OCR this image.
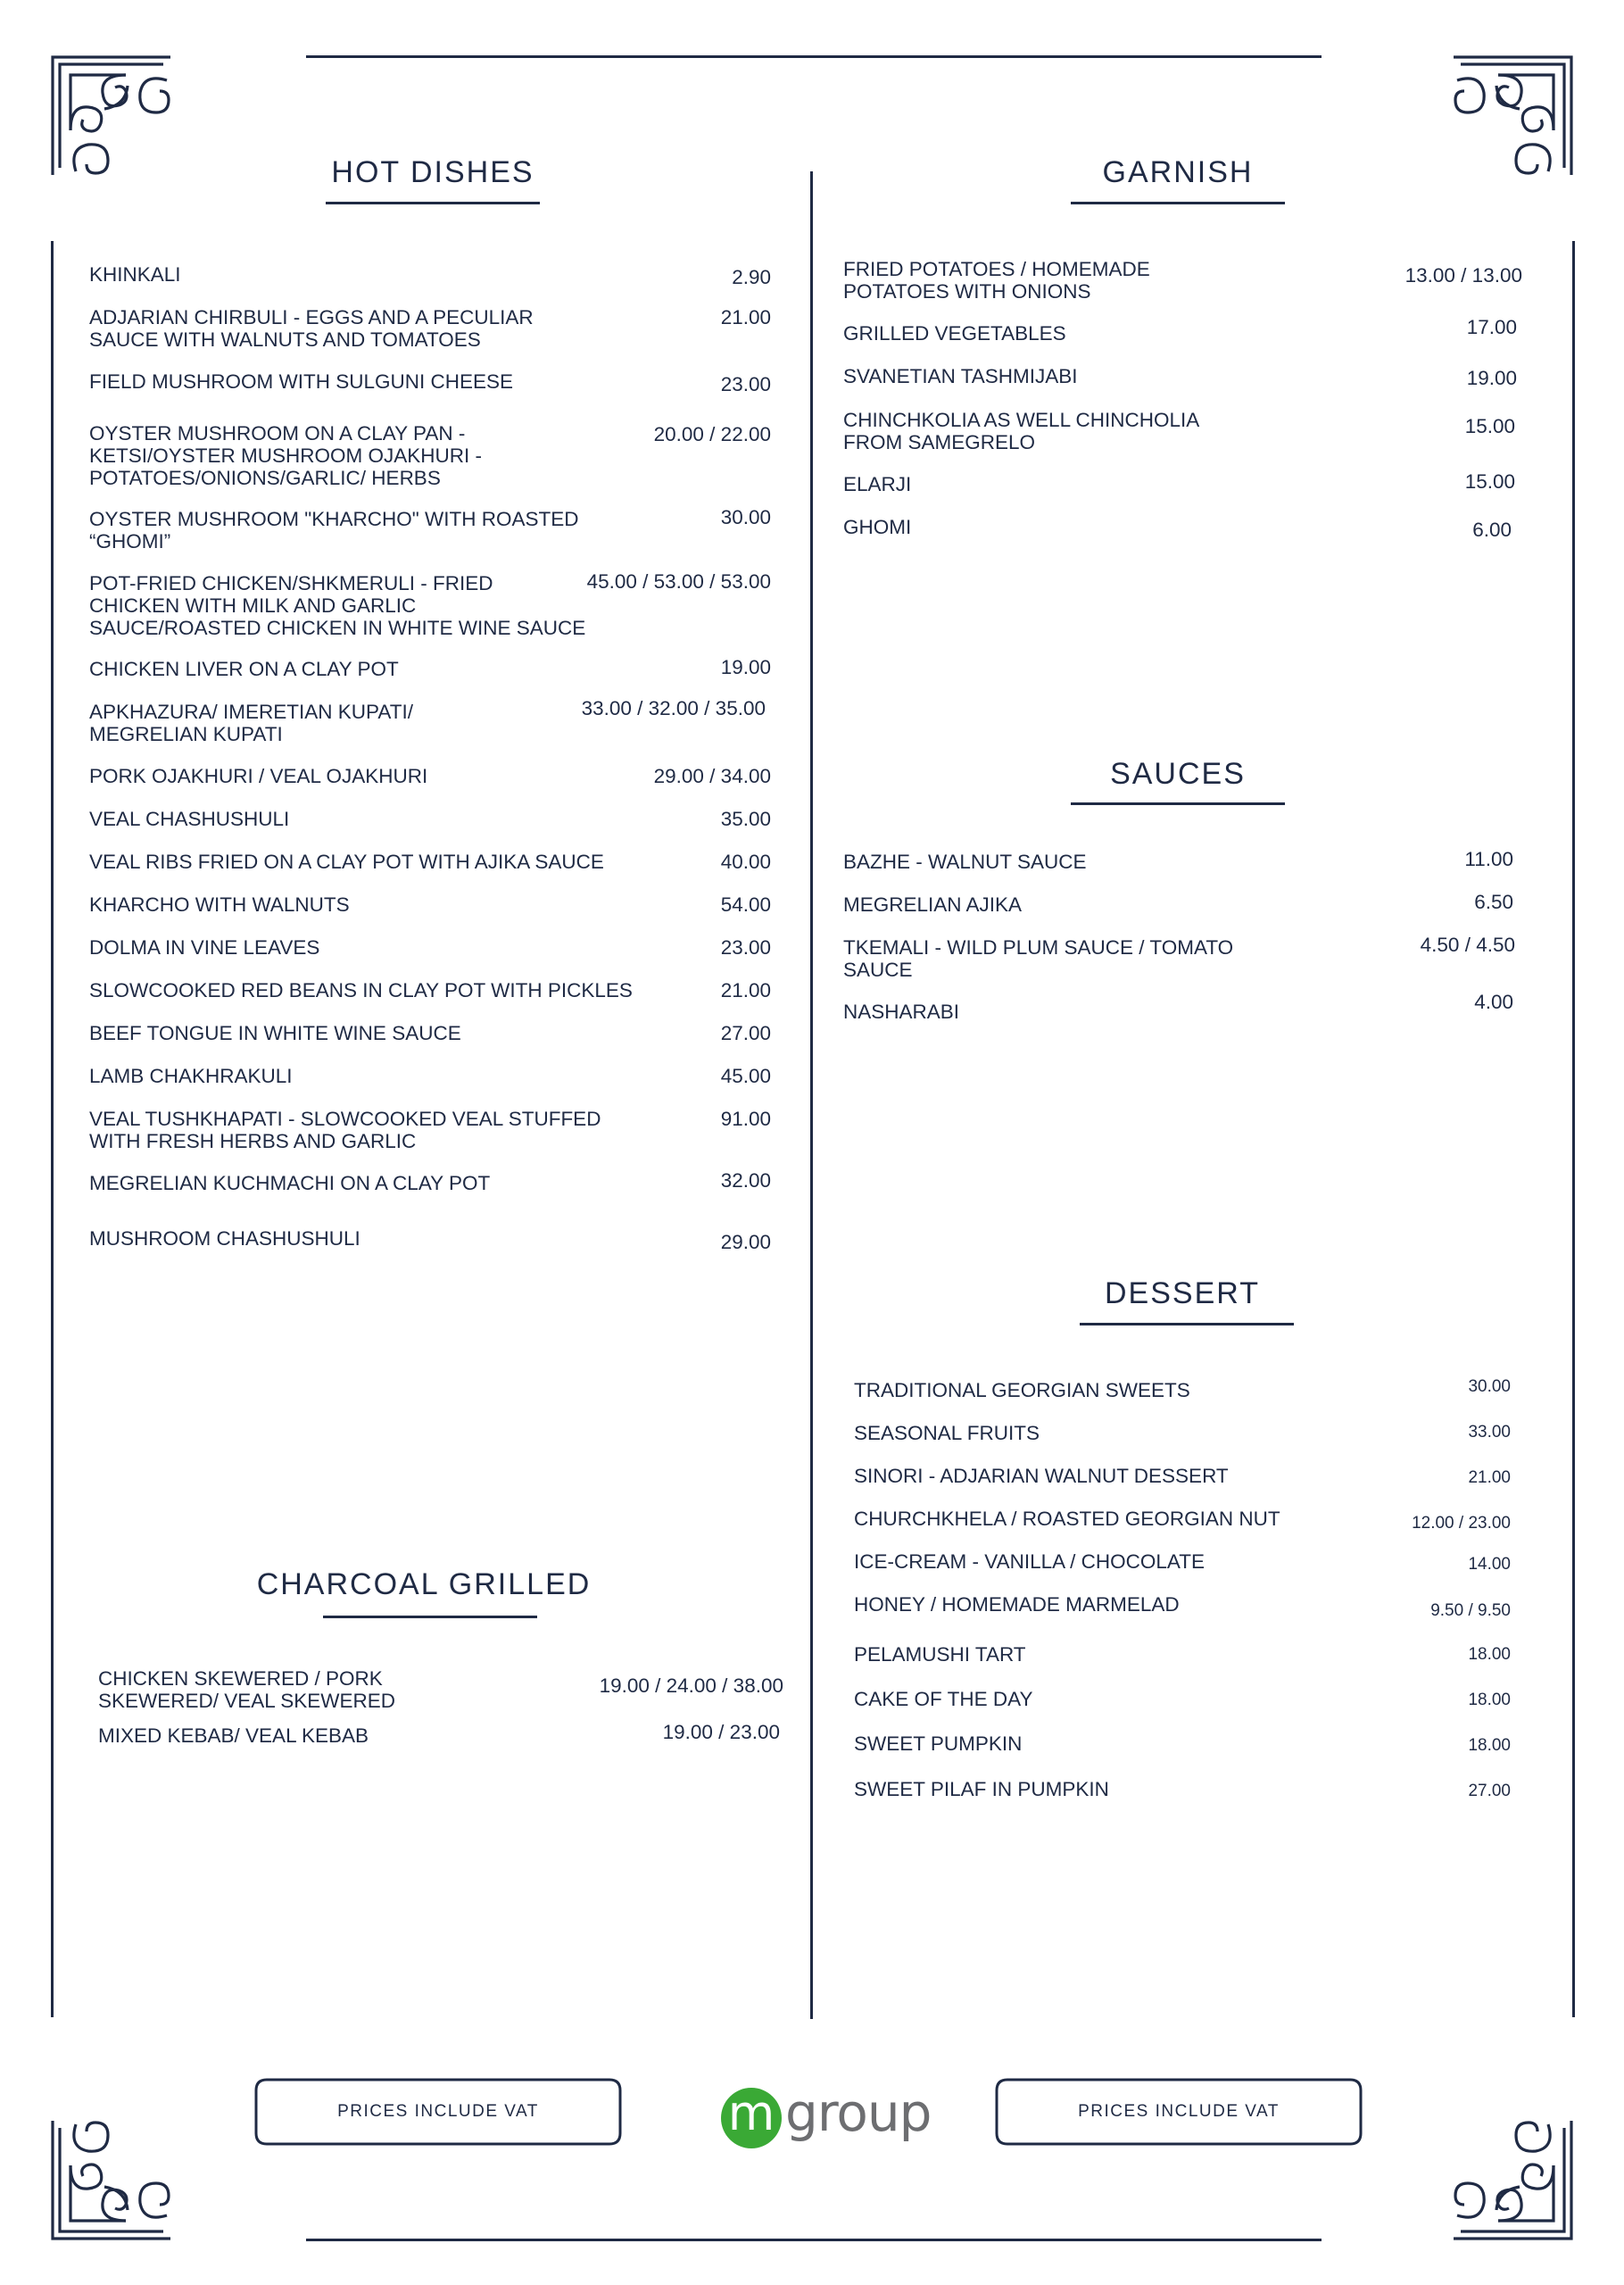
HOT DISHES
KHINKALI	2.90
ADJARIAN CHIRBULI - EGGS AND A PECULIAR SAUCE WITH WALNUTS AND TOMATOES
21.00
FIELD MUSHROOM WITH SULGUNI CHEESE	23.00
OYSTER MUSHROOM ON A CLAY PAN - KETSI/OYSTER MUSHROOM OJAKHURI - POTATOES/ONIONS/GARLIC/ HERBS
20.00 / 22.00
OYSTER MUSHROOM "KHARCHO" WITH ROASTED “GHOMI”
30.00
POT-FRIED CHICKEN/SHKMERULI - FRIED CHICKEN WITH MILK AND GARLIC SAUCE/ROASTED CHICKEN IN WHITE WINE SAUCE
45.00 / 53.00 / 53.00
CHICKEN LIVER ON A CLAY POT	19.00
APKHAZURA/ IMERETIAN KUPATI/ MEGRELIAN KUPATI
33.00 / 32.00 / 35.00
PORK OJAKHURI / VEAL OJAKHURI	29.00 / 34.00
VEAL CHASHUSHULI	35.00
VEAL RIBS FRIED ON A CLAY POT WITH AJIKA SAUCE	40.00
KHARCHO WITH WALNUTS	54.00
DOLMA IN VINE LEAVES	23.00
SLOWCOOKED RED BEANS IN CLAY POT WITH PICKLES	21.00
BEEF TONGUE IN WHITE WINE SAUCE	27.00
LAMB CHAKHRAKULI	45.00
VEAL TUSHKHAPATI - SLOWCOOKED VEAL STUFFED WITH FRESH HERBS AND GARLIC
91.00
MEGRELIAN KUCHMACHI ON A CLAY POT	32.00
MUSHROOM CHASHUSHULI	29.00
CHARCOAL GRILLED
CHICKEN SKEWERED / PORK SKEWERED/ VEAL SKEWERED
19.00 / 24.00 / 38.00
MIXED KEBAB/ VEAL KEBAB	19.00 / 23.00
GARNISH
FRIED POTATOES / HOMEMADE POTATOES WITH ONIONS
13.00 / 13.00
GRILLED VEGETABLES	17.00
SVANETIAN TASHMIJABI	19.00
CHINCHKOLIA AS WELL CHINCHOLIA FROM SAMEGRELO
15.00
ELARJI	15.00
GHOMI	6.00
SAUCES
BAZHE - WALNUT SAUCE	11.00
MEGRELIAN AJIKA	6.50
TKEMALI - WILD PLUM SAUCE / TOMATO SAUCE
4.50 / 4.50
NASHARABI	4.00
DESSERT
TRADITIONAL GEORGIAN SWEETS	30.00
SEASONAL FRUITS	33.00
SINORI - ADJARIAN WALNUT DESSERT	21.00
CHURCHKHELA / ROASTED GEORGIAN NUT	12.00 / 23.00
ICE-CREAM - VANILLA / CHOCOLATE	14.00
HONEY / HOMEMADE MARMELAD	9.50 / 9.50
PELAMUSHI TART	18.00
CAKE OF THE DAY	18.00
SWEET PUMPKIN	18.00
SWEET PILAF IN PUMPKIN	27.00
PRICES INCLUDE VAT	PRICES INCLUDE VAT
m group
